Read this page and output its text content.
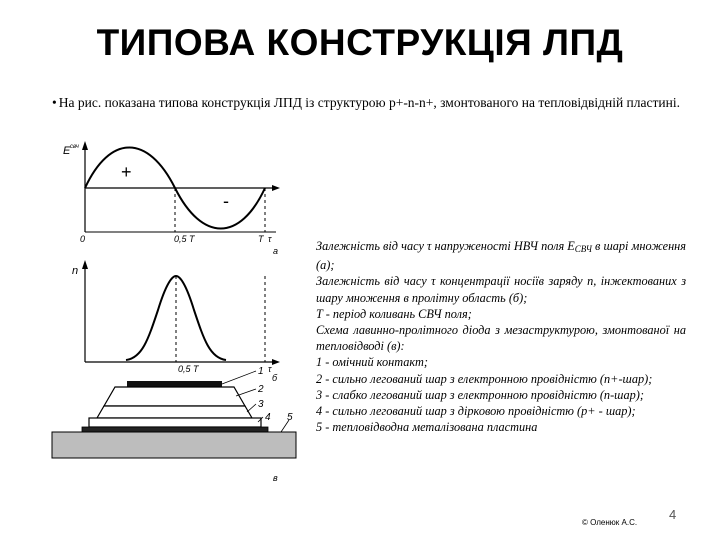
ТИПОВА КОНСТРУКЦІЯ ЛПД
• На рис. показана типова конструкція ЛПД із структурою p+-n-n+, змонтованого на тепловідвідній пластині.
E свч
+
-
0	0,5 T	T τ
а
n
0,5 T	τ
б
1
2
3
4 5
в
Залежність від часу τ напруженості НВЧ поля $E_{СВЧ}$ в шарі множення (а);
Залежність від часу τ концентрації носіїв заряду n, інжектованих з шару множення в пролітну область (б);
T - період коливань СВЧ поля;
Схема лавинно-пролітного діода з мезаструктурою, змонтованої на тепловідводі (в):
1 - омічний контакт;
2 - сильно легований шар з електронною провідністю (n+-шар);
3 - слабко легований шар з електронною провідністю (n-шар);
4 - сильно легований шар з дірковою провідністю (p+ - шар);
5 - тепловідводна металізована пластина
© Оленюк А.С.
4
